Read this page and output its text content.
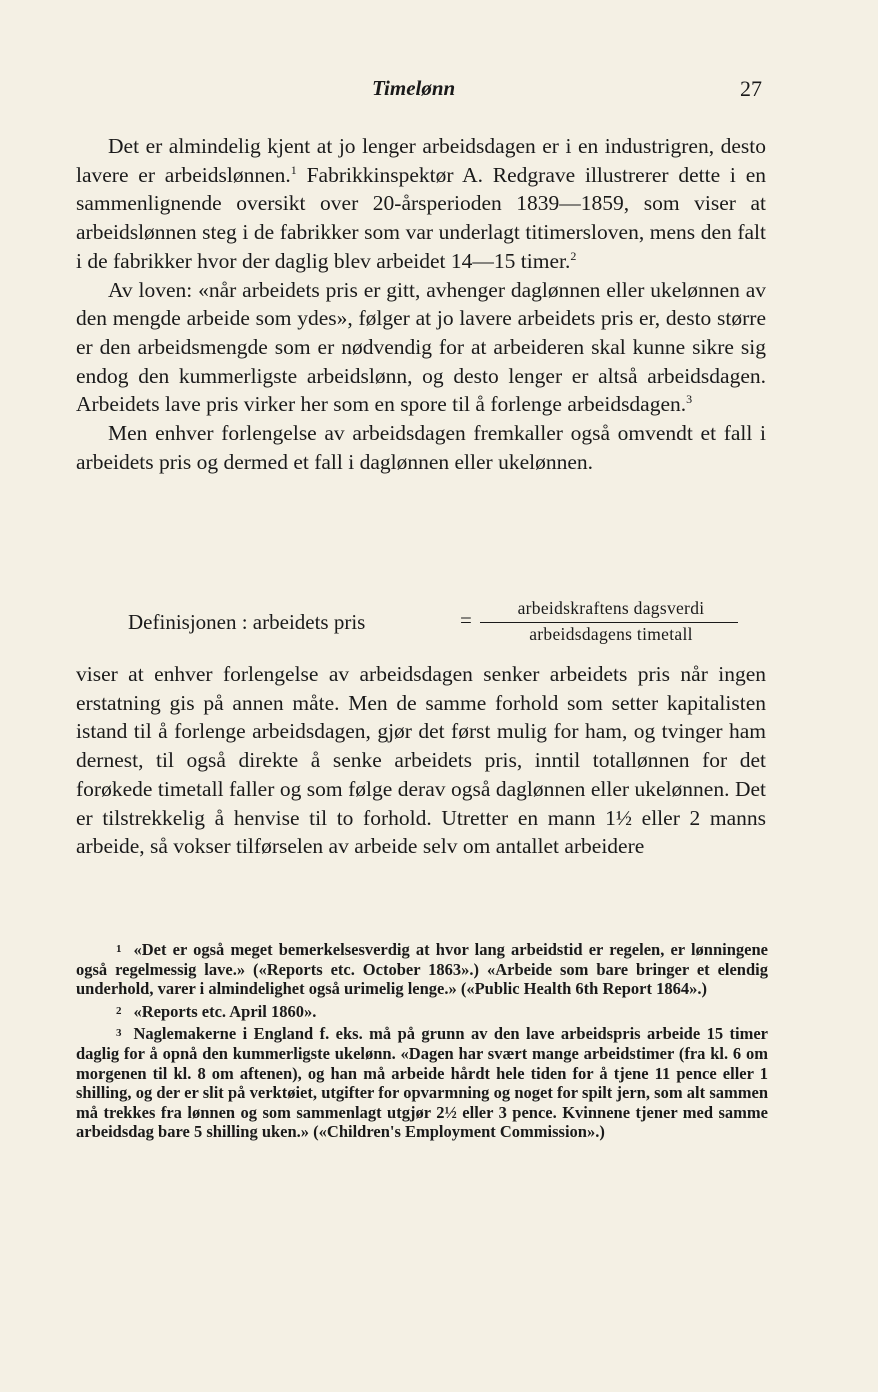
Timelønn	27

Det er almindelig kjent at jo lenger arbeidsdagen er i en industrigren, desto lavere er arbeidslønnen.$^1$ Fabrikkinspektør A. Redgrave illustrerer dette i en sammenlignende oversikt over 20-årsperioden 1839—1859, som viser at arbeidslønnen steg i de fabrikker som var underlagt titimersloven, mens den falt i de fabrikker hvor der daglig blev arbeidet 14—15 timer.$^2$

Av loven: «når arbeidets pris er gitt, avhenger daglønnen eller ukelønnen av den mengde arbeide som ydes», følger at jo lavere arbeidets pris er, desto større er den arbeidsmengde som er nødvendig for at arbeideren skal kunne sikre sig endog den kummerligste arbeidslønn, og desto lenger er altså arbeidsdagen. Arbeidets lave pris virker her som en spore til å forlenge arbeidsdagen.$^3$

Men enhver forlengelse av arbeidsdagen fremkaller også omvendt et fall i arbeidets pris og dermed et fall i daglønnen eller ukelønnen.

Definisjonen : arbeidets pris	=	arbeidskraftens dagsverdi
arbeidsdagens timetall

viser at enhver forlengelse av arbeidsdagen senker arbeidets pris når ingen erstatning gis på annen måte. Men de samme forhold som setter kapitalisten istand til å forlenge arbeidsdagen, gjør det først mulig for ham, og tvinger ham dernest, til også direkte å senke arbeidets pris, inntil totallønnen for det forøkede timetall faller og som følge derav også daglønnen eller ukelønnen. Det er tilstrekkelig å henvise til to forhold. Utretter en mann 1½ eller 2 manns arbeide, så vokser tilførselen av arbeide selv om antallet arbeidere

1 «Det er også meget bemerkelsesverdig at hvor lang arbeidstid er regelen, er lønningene også regelmessig lave.» («Reports etc. October 1863».) «Arbeide som bare bringer et elendig underhold, varer i almindelighet også urimelig lenge.» («Public Health 6th Report 1864».)

2 «Reports etc. April 1860».

3 Naglemakerne i England f. eks. må på grunn av den lave arbeidspris arbeide 15 timer daglig for å opnå den kummerligste ukelønn. «Dagen har svært mange arbeidstimer (fra kl. 6 om morgenen til kl. 8 om aftenen), og han må arbeide hårdt hele tiden for å tjene 11 pence eller 1 shilling, og der er slit på verktøiet, utgifter for opvarmning og noget for spilt jern, som alt sammen må trekkes fra lønnen og som sammenlagt utgjør 2½ eller 3 pence. Kvinnene tjener med samme arbeidsdag bare 5 shilling uken.» («Children's Employment Commission».)
